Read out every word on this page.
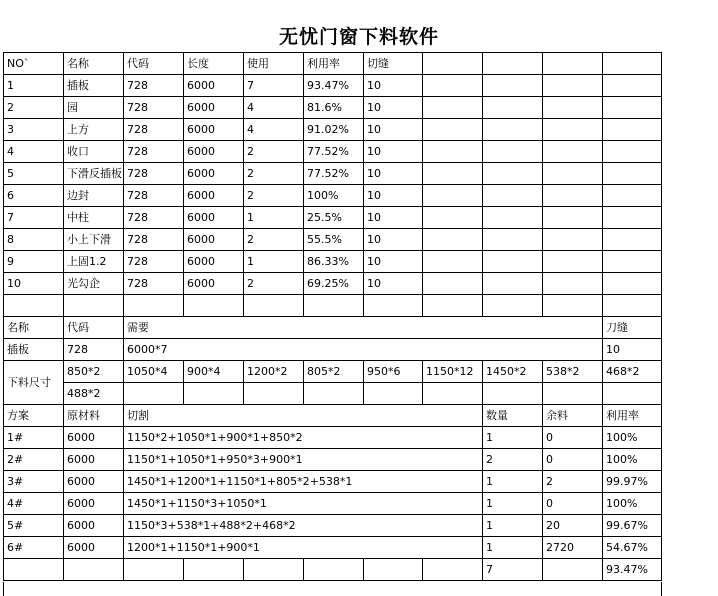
无忧门窗下料软件
NO`	名称	代码	长度	使用	利用率	切缝				
1	插板	728	6000	7	93.47%	10				
2	园	728	6000	4	81.6%	10				
3	上方	728	6000	4	91.02%	10				
4	收口	728	6000	2	77.52%	10				
5	下滑反插板	728	6000	2	77.52%	10				
6	边封	728	6000	2	100%	10				
7	中柱	728	6000	1	25.5%	10				
8	小上下滑	728	6000	2	55.5%	10				
9	上固1.2	728	6000	1	86.33%	10				
10	光勾企	728	6000	2	69.25%	10				

名称	代码	需要								刀缝
插板	728	6000*7								10
下料尺寸	850*2	1050*4	900*4	1200*2	805*2	950*6	1150*12	1450*2	538*2	468*2
	488*2									
方案	原材料	切割						数量	余料	利用率
1#	6000	1150*2+1050*1+900*1+850*2						1	0	100%
2#	6000	1150*1+1050*1+950*3+900*1						2	0	100%
3#	6000	1450*1+1200*1+1150*1+805*2+538*1						1	2	99.97%
4#	6000	1450*1+1150*3+1050*1						1	0	100%
5#	6000	1150*3+538*1+488*2+468*2						1	20	99.67%
6#	6000	1200*1+1150*1+900*1						1	2720	54.67%
								7		93.47%
